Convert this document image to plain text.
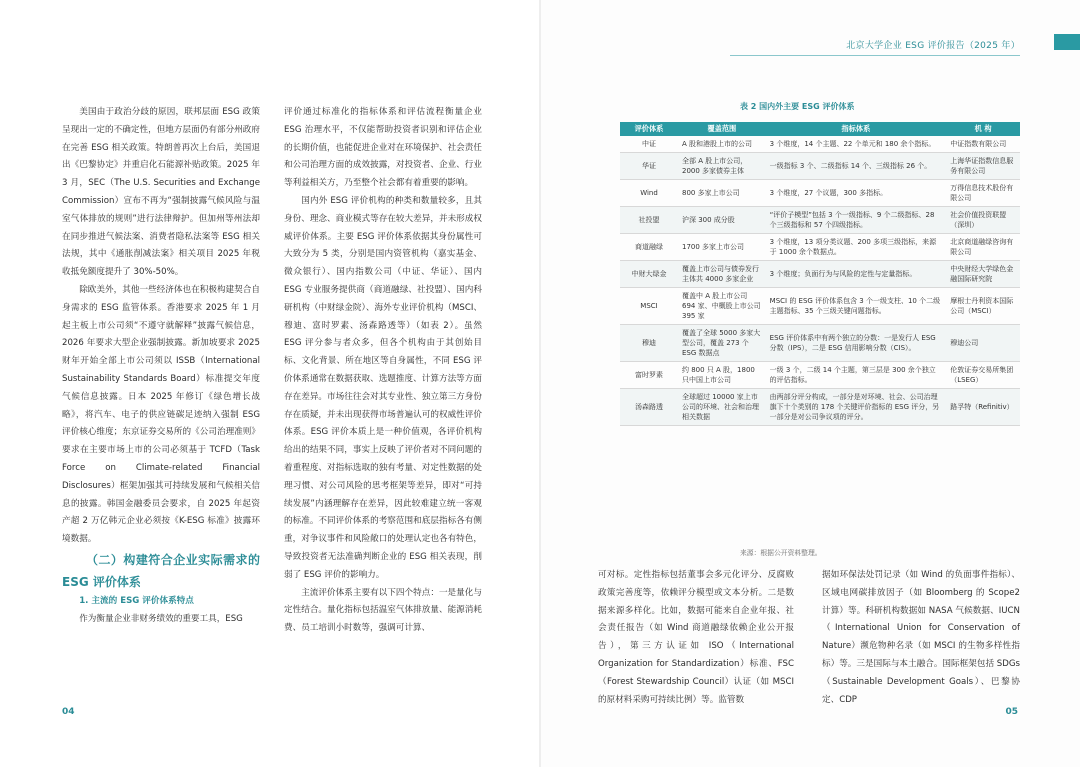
美国由于政治分歧的原因，联邦层面 ESG 政策呈现出一定的不确定性，但地方层面仍有部分州政府在完善 ESG 相关政策。特朗普再次上台后，美国退出《巴黎协定》并重启化石能源补贴政策。2025 年 3 月，SEC（The U.S. Securities and Exchange Commission）宣布不再为“强制披露气候风险与温室气体排放的规则”进行法律辩护。但加州等州法却在同步推进气候法案、消费者隐私法案等 ESG 相关法规，其中《通胀削减法案》相关项目 2025 年税收抵免额度提升了 30%-50%。

除欧美外，其他一些经济体也在积极构建契合自身需求的 ESG 监管体系。香港要求 2025 年 1 月起主板上市公司须“不遵守就解释”披露气候信息，2026 年要求大型企业强制披露。新加坡要求 2025 财年开始全部上市公司须以 ISSB（International Sustainability Standards Board）标准提交年度气候信息披露。日本 2025 年修订《绿色增长战略》，将汽车、电子的供应链碳足迹纳入强制 ESG 评价核心维度；东京证券交易所的《公司治理准则》要求在主要市场上市的公司必须基于 TCFD（Task Force on Climate-related Financial Disclosures）框架加强其可持续发展和气候相关信息的披露。韩国金融委员会要求，自 2025 年起资产超 2 万亿韩元企业必须按《K-ESG 标准》披露环境数据。

（二）构建符合企业实际需求的 ESG 评价体系

1. 主流的 ESG 评价体系特点

作为衡量企业非财务绩效的重要工具，ESG

评价通过标准化的指标体系和评估流程衡量企业 ESG 治理水平，不仅能帮助投资者识别和评估企业的长期价值，也能促进企业对在环境保护、社会责任和公司治理方面的成效披露，对投资者、企业、行业等利益相关方，乃至整个社会都有着重要的影响。

国内外 ESG 评价机构的种类和数量较多，且其身份、理念、商业模式等存在较大差异，并未形成权威评价体系。主要 ESG 评价体系依据其身份属性可大致分为 5 类，分别是国内资管机构（嘉实基金、微众银行）、国内指数公司（中证、华证）、国内 ESG 专业服务提供商（商道融绿、社投盟）、国内科研机构（中财绿金院）、海外专业评价机构（MSCI、穆迪、富时罗素、汤森路透等）（如表 2）。虽然 ESG 评分参与者众多，但各个机构由于其创始目标、文化背景、所在地区等自身属性，不同 ESG 评价体系通常在数据获取、选题推度、计算方法等方面存在差异。市场往往会对其专业性、独立第三方身份存在质疑，并未出现获得市场普遍认可的权威性评价体系。ESG 评价本质上是一种价值观，各评价机构给出的结果不同，事实上反映了评价者对不同问题的着重程度、对指标选取的独有考量、对定性数据的处理习惯、对公司风险的思考框架等差异，即对“可持续发展”内涵理解存在差异，因此较难建立统一客观的标准。不同评价体系的考察范围和底层指标各有侧重，对争议事件和风险敞口的处理认定也各有特色，导致投资者无法准确判断企业的 ESG 相关表现，削弱了 ESG 评价的影响力。

主流评价体系主要有以下四个特点：一是量化与定性结合。量化指标包括温室气体排放量、能源消耗费、员工培训小时数等，强调可计算、

04	05
北京大学企业 ESG 评价报告（2025 年）
表 2 国内外主要 ESG 评价体系
评价体系	覆盖范围	指标体系	机 构
中证	A 股和港股上市的公司	3 个维度，14 个主题、22 个单元和 180 余个指标。	中证指数有限公司
华证	全部 A 股上市公司，2000 多家债券主体	一级指标 3 个、二级指标 14 个、三级指标 26 个。	上海华证指数信息服务有限公司
Wind	800 多家上市公司	3 个维度，27 个议题，300 多指标。	万得信息技术股份有限公司
社投盟	沪深 300 成分股	“评价子模型”包括 3 个一级指标、9 个二级指标、28 个三级指标和 57 个四级指标。	社会价值投资联盟（深圳）
商道融绿	1700 多家上市公司	3 个维度，13 项分类议题、200 多项三级指标，来源于 1000 余个数据点。	北京商道融绿咨询有限公司
中财大绿金	覆盖上市公司与债券发行主体共 4000 多家企业	3 个维度；负面行为与风险的定性与定量指标。	中央财经大学绿色金融国际研究院
MSCI	覆盖中 A 股上市公司 694 家、中概股上市公司 395 家	MSCI 的 ESG 评价体系包含 3 个一级支柱、10 个二级主题指标、35 个三级关键问题指标。	摩根士丹利资本国际公司（MSCI）
穆迪	覆盖了全球 5000 多家大型公司，覆盖 273 个 ESG 数据点	ESG 评价体系中有两个独立的分数：一是发行人 ESG 分数（IPS），二是 ESG 信用影响分数（CIS）。	穆迪公司
富时罗素	约 800 只 A 股，1800 只中国上市公司	一级 3 个，二级 14 个主题，第三层是 300 余个独立的评估指标。	伦敦证券交易所集团（LSEG）
汤森路透	全球超过 10000 家上市公司的环境、社会和治理相关数据	由两部分评分构成，一部分是对环境、社会、公司治理旗下十个类别的 178 个关键评价指标的 ESG 评分，另一部分是对公司争议项的评分。	路孚特（Refinitiv）
来源：根据公开资料整理。

可对标。定性指标包括董事会多元化评分、反腐败政策完善度等，依赖评分模型或文本分析。二是数据来源多样化。比如，数据可能来自企业年报、社会责任报告（如 Wind 商道融绿依赖企业公开报告），第三方认证如 ISO（International Organization for Standardization）标准、FSC（Forest Stewardship Council）认证（如 MSCI 的原材料采购可持续比例）等。监管数

据如环保法处罚记录（如 Wind 的负面事件指标）、区域电网碳排放因子（如 Bloomberg 的 Scope2 计算）等。科研机构数据如 NASA 气候数据、IUCN（International Union for Conservation of Nature）濒危物种名录（如 MSCI 的生物多样性指标）等。三是国际与本土融合。国际框架包括 SDGs（Sustainable Development Goals）、巴黎协定、CDP
